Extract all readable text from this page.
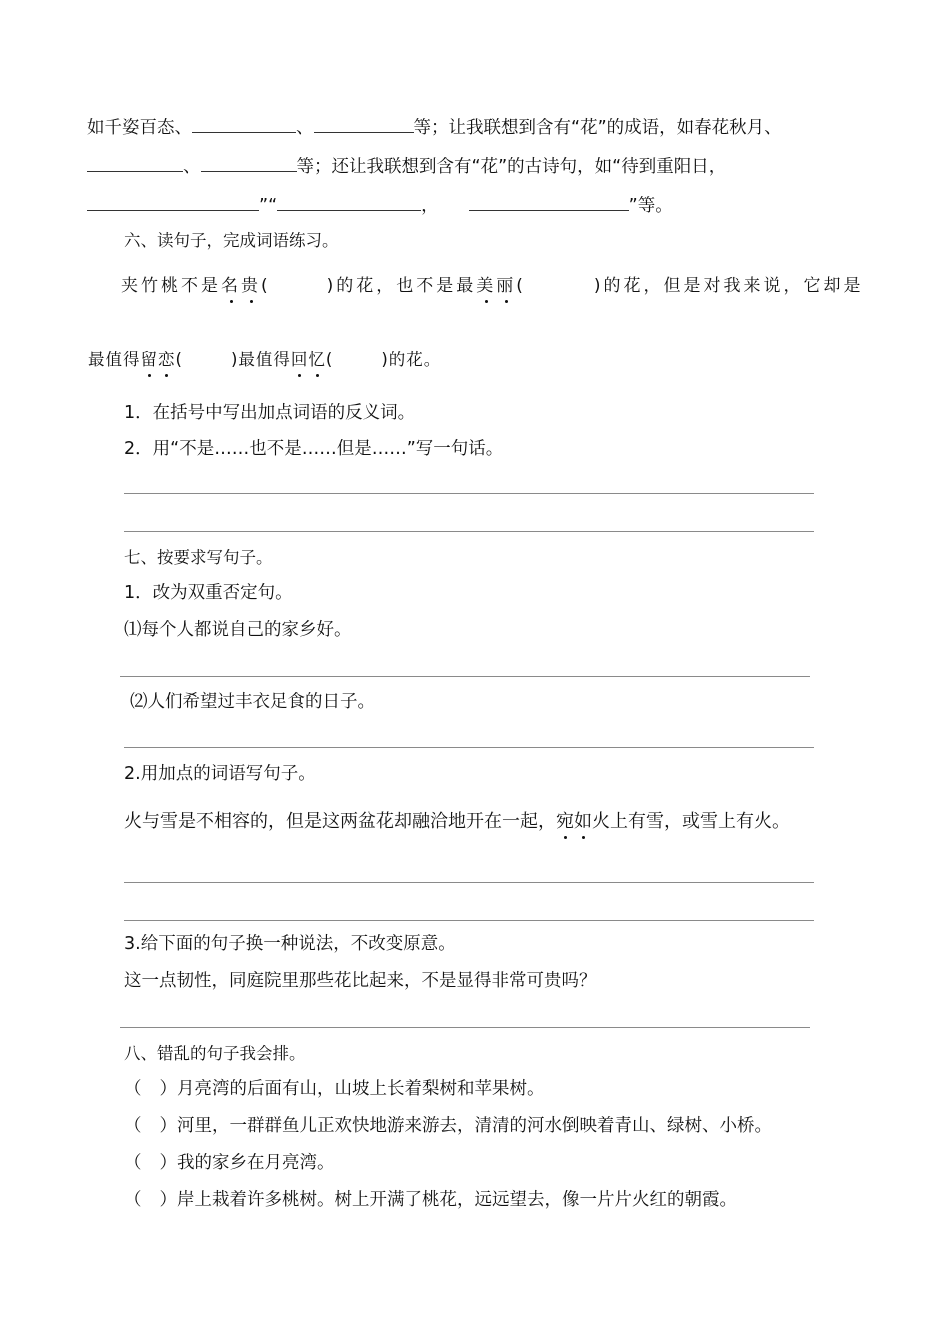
如千姿百态、	、	等；让我联想到含有“花”的成语，如春花秋月、
、	等；还让我联想到含有“花”的古诗句，如“待到重阳日，
”“	，	”等。
六、读句子，完成词语练习。
夹竹桃不是名贵(	)的花，也不是最美丽(	)的花，但是对我来说，它却是
最值得留恋(	)最值得回忆(	)的花。
1．在括号中写出加点词语的反义词。
2．用“不是……也不是……但是……”写一句话。
七、按要求写句子。
1．改为双重否定句。
⑴每个人都说自己的家乡好。
⑵人们希望过丰衣足食的日子。
2.用加点的词语写句子。
火与雪是不相容的，但是这两盆花却融洽地开在一起，宛如火上有雪，或雪上有火。
3.给下面的句子换一种说法，不改变原意。
这一点韧性，同庭院里那些花比起来，不是显得非常可贵吗？
八、错乱的句子我会排。
（ ）月亮湾的后面有山，山坡上长着梨树和苹果树。
（ ）河里，一群群鱼儿正欢快地游来游去，清清的河水倒映着青山、绿树、小桥。
（ ）我的家乡在月亮湾。
（ ）岸上栽着许多桃树。树上开满了桃花，远远望去，像一片片火红的朝霞。
